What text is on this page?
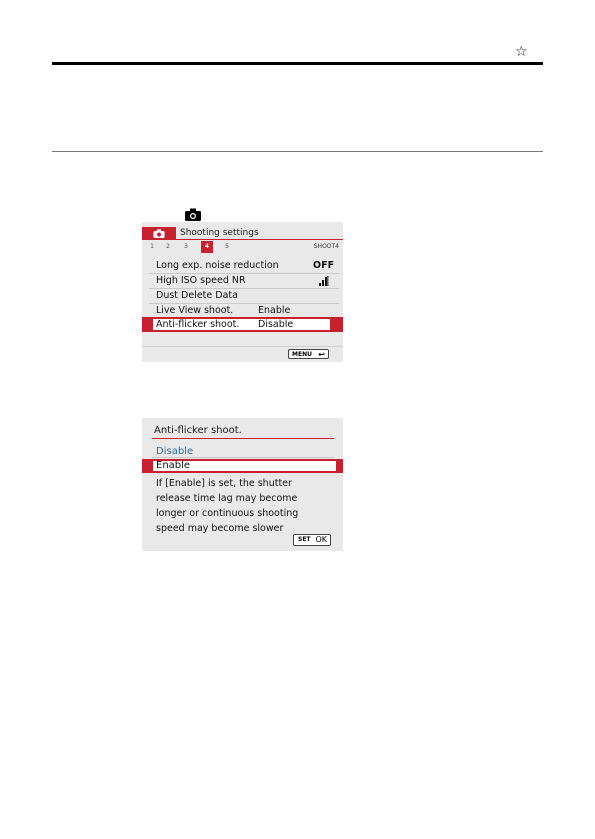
☆
Shooting settings
1	2	3	4	5	SHOOT4
Long exp. noise reduction	OFF
High ISO speed NR
Dust Delete Data
Live View shoot.	Enable
Anti-flicker shoot. Disable
MENU ↩
Anti-flicker shoot.
Disable
Enable
If [Enable] is set, the shutter
release time lag may become
longer or continuous shooting
speed may become slower
SET OK
